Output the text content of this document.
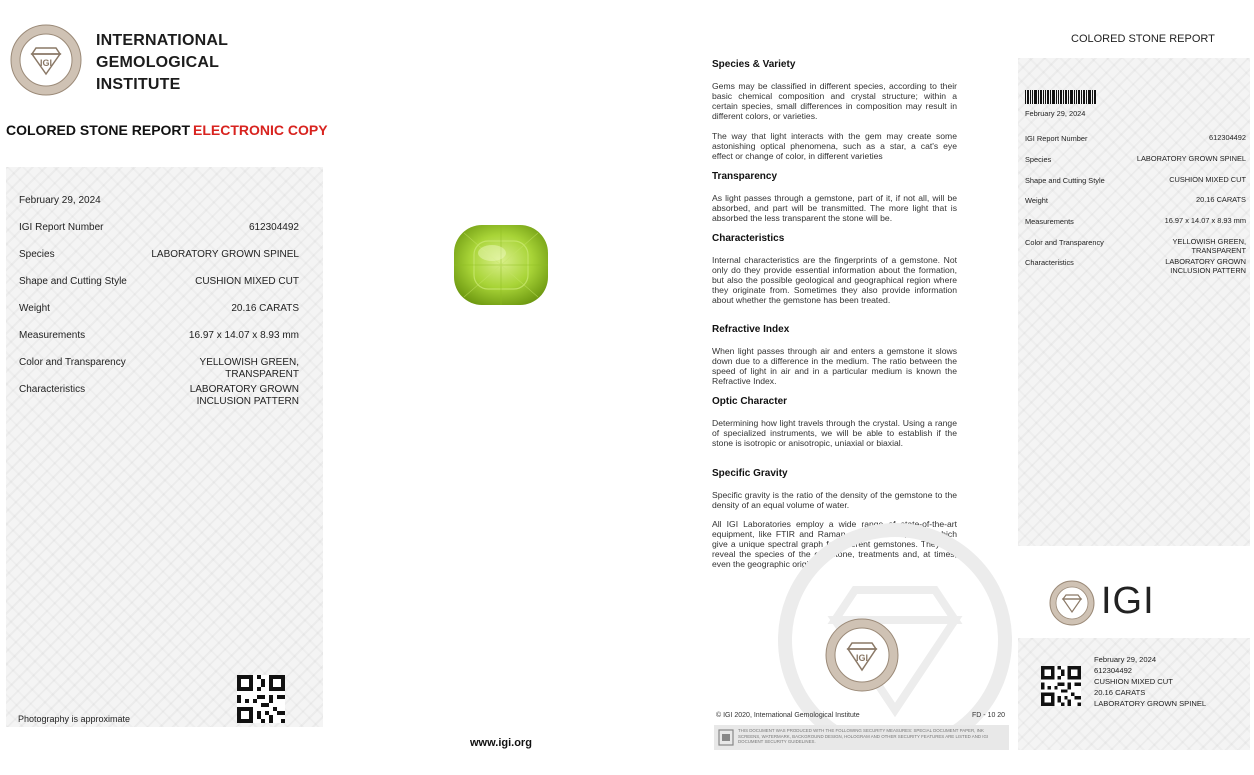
IGI
1975
INTERNATIONAL
GEMOLOGICAL
INSTITUTE
COLORED STONE REPORT ELECTRONIC COPY
February 29, 2024
IGI Report Number	612304492
Species	LABORATORY GROWN SPINEL
Shape and Cutting Style	CUSHION MIXED CUT
Weight	20.16 CARATS
Measurements	16.97 x 14.07 x 8.93 mm
Color and Transparency	YELLOWISH GREEN,
TRANSPARENT
Characteristics	LABORATORY GROWN
INCLUSION PATTERN
Photography is approximate
www.igi.org
Species & Variety
Gems may be classified in different species, according to their basic chemical composition and crystal structure; within a certain species, small differences in composition may result in different colors, or varieties.
The way that light interacts with the gem may create some astonishing optical phenomena, such as a star, a cat's eye effect or change of color, in different varieties
Transparency
As light passes through a gemstone, part of it, if not all, will be absorbed, and part will be transmitted. The more light that is absorbed the less transparent the stone will be.
Characteristics
Internal characteristics are the fingerprints of a gemstone. Not only do they provide essential information about the formation, but also the possible geological and geographical region where they originate from. Sometimes they also provide information about whether the gemstone has been treated.
Refractive Index
When light passes through air and enters a gemstone it slows down due to a difference in the medium. The ratio between the speed of light in air and in a particular medium is known the Refractive Index.
Optic Character
Determining how light travels through the crystal. Using a range of specialized instruments, we will be able to establish if the stone is isotropic or anisotropic, uniaxial or biaxial.
Specific Gravity
Specific gravity is the ratio of the density of the gemstone to the density of an equal volume of water.
All IGI Laboratories employ a wide range of state-of-the-art equipment, like FTIR and Raman spectrometers, all of which give a unique spectral graph for different gemstones. They can reveal the species of the gemstone, treatments and, at times, even the geographic origin.
IGI
© IGI 2020, International Gemological Institute	FD - 10 20
THIS DOCUMENT WAS PRODUCED WITH THE FOLLOWING SECURITY MEASURES: SPECIAL DOCUMENT PAPER, INK SCREENS, WATERMARK, BACKGROUND DESIGN, HOLOGRAM AND OTHER SECURITY FEATURES ARE LISTED AND IGI DOCUMENT SECURITY GUIDELINES.
COLORED STONE REPORT
February 29, 2024
IGI Report Number	612304492
Species	LABORATORY GROWN SPINEL
Shape and Cutting Style	CUSHION MIXED CUT
Weight	20.16 CARATS
Measurements	16.97 x 14.07 x 8.93 mm
Color and Transparency	YELLOWISH GREEN,
TRANSPARENT
Characteristics	LABORATORY GROWN
INCLUSION PATTERN
IGI
February 29, 2024
612304492
CUSHION MIXED CUT
20.16 CARATS
LABORATORY GROWN SPINEL
